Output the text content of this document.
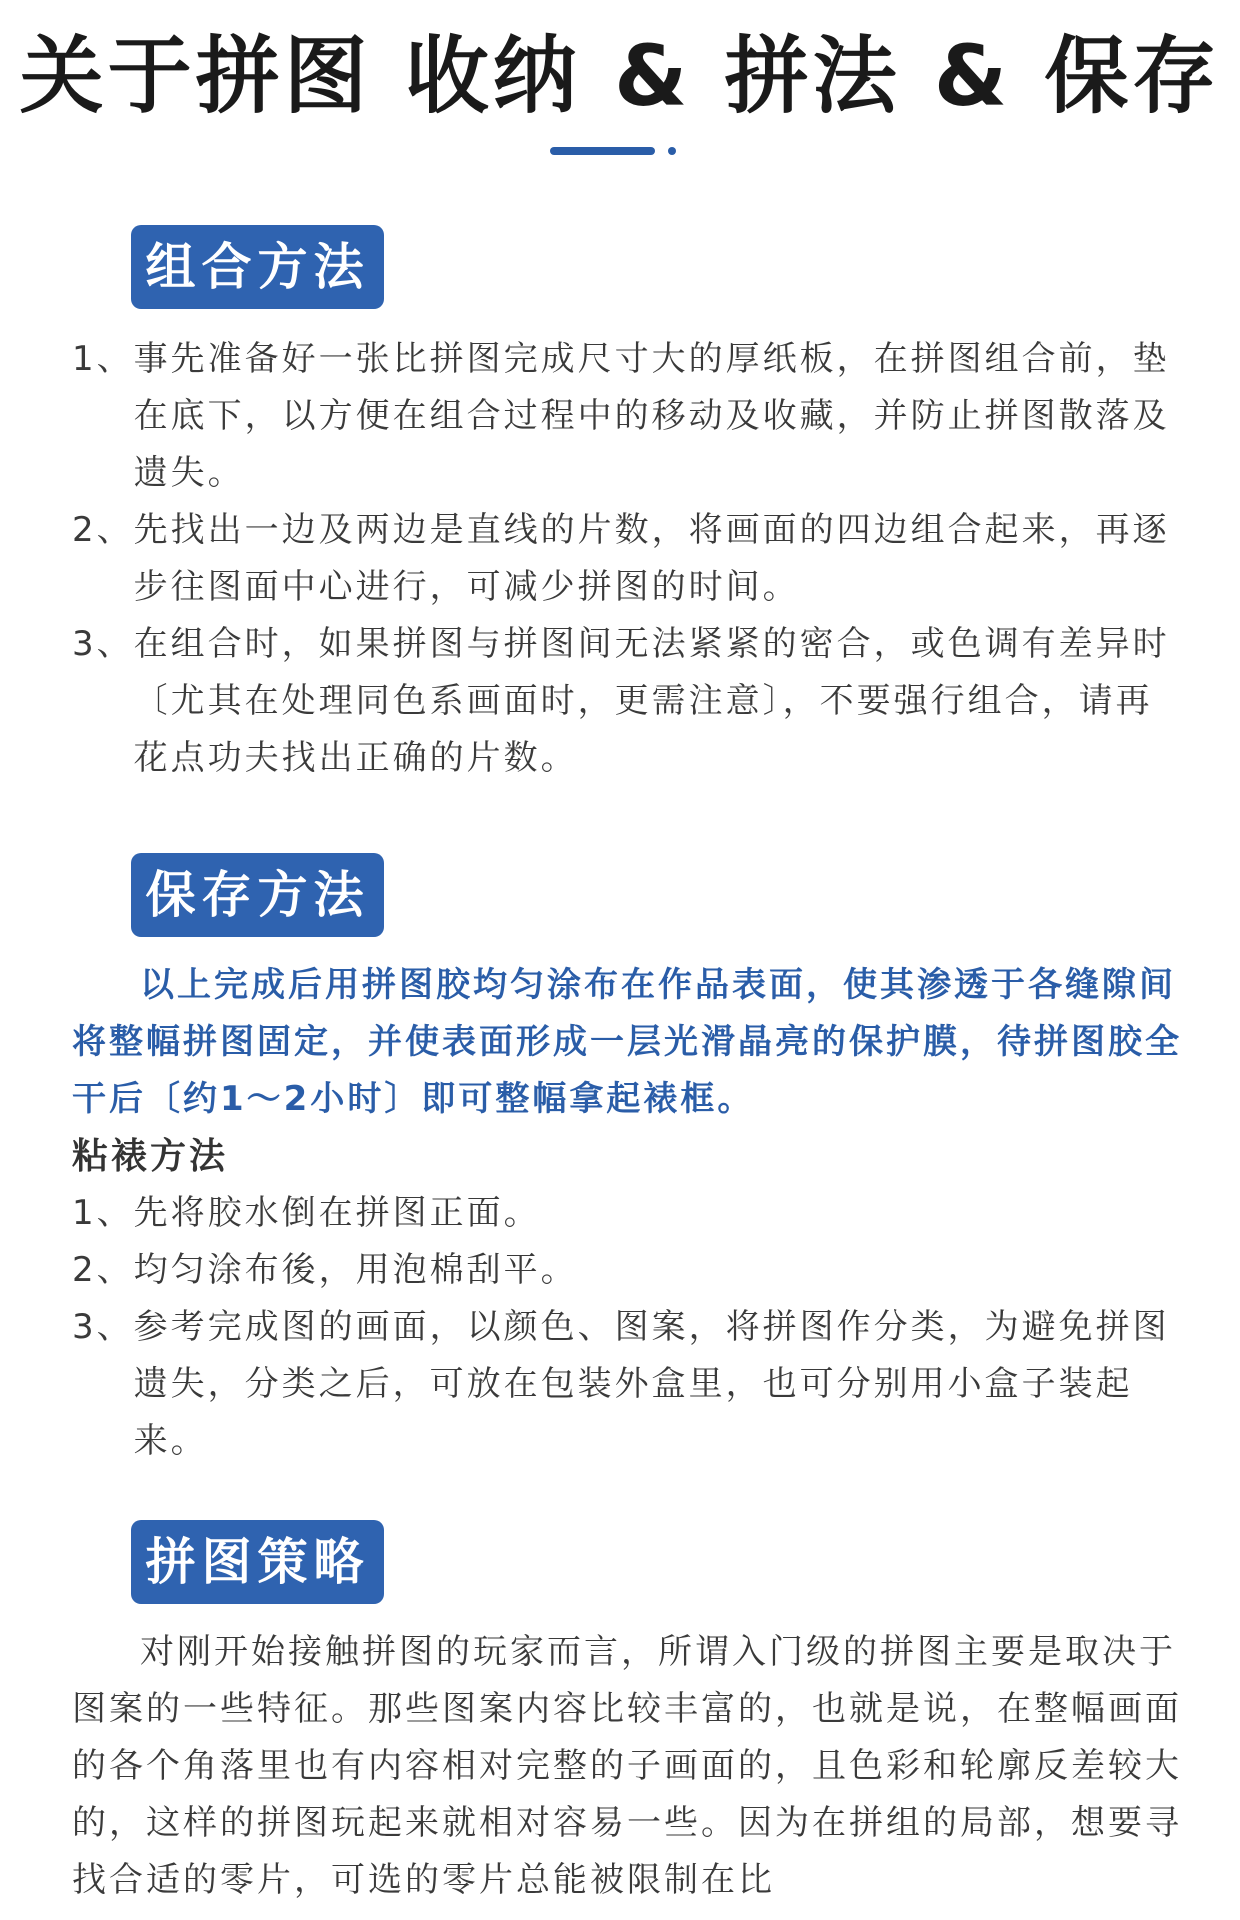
关于拼图 收纳 & 拼法 & 保存
组合方法
1、 事先准备好一张比拼图完成尺寸大的厚纸板，在拼图组合前，垫在底下，以方便在组合过程中的移动及收藏，并防止拼图散落及遗失。
2、 先找出一边及两边是直线的片数，将画面的四边组合起来，再逐步往图面中心进行，可减少拼图的时间。
3、 在组合时，如果拼图与拼图间无法紧紧的密合，或色调有差异时〔尤其在处理同色系画面时，更需注意〕，不要强行组合，请再花点功夫找出正确的片数。
保存方法

以上完成后用拼图胶均匀涂布在作品表面，使其渗透于各缝隙间将整幅拼图固定，并使表面形成一层光滑晶亮的保护膜，待拼图胶全干后〔约1～2小时〕即可整幅拿起裱框。

粘裱方法
1、 先将胶水倒在拼图正面。
2、 均匀涂布後，用泡棉刮平。
3、 参考完成图的画面，以颜色、图案，将拼图作分类，为避免拼图遗失，分类之后，可放在包装外盒里，也可分别用小盒子装起来。
拼图策略

对刚开始接触拼图的玩家而言，所谓入门级的拼图主要是取决于图案的一些特征。那些图案内容比较丰富的，也就是说，在整幅画面的各个角落里也有内容相对完整的子画面的，且色彩和轮廓反差较大的，这样的拼图玩起来就相对容易一些。因为在拼组的局部，想要寻找合适的零片，可选的零片总能被限制在比
